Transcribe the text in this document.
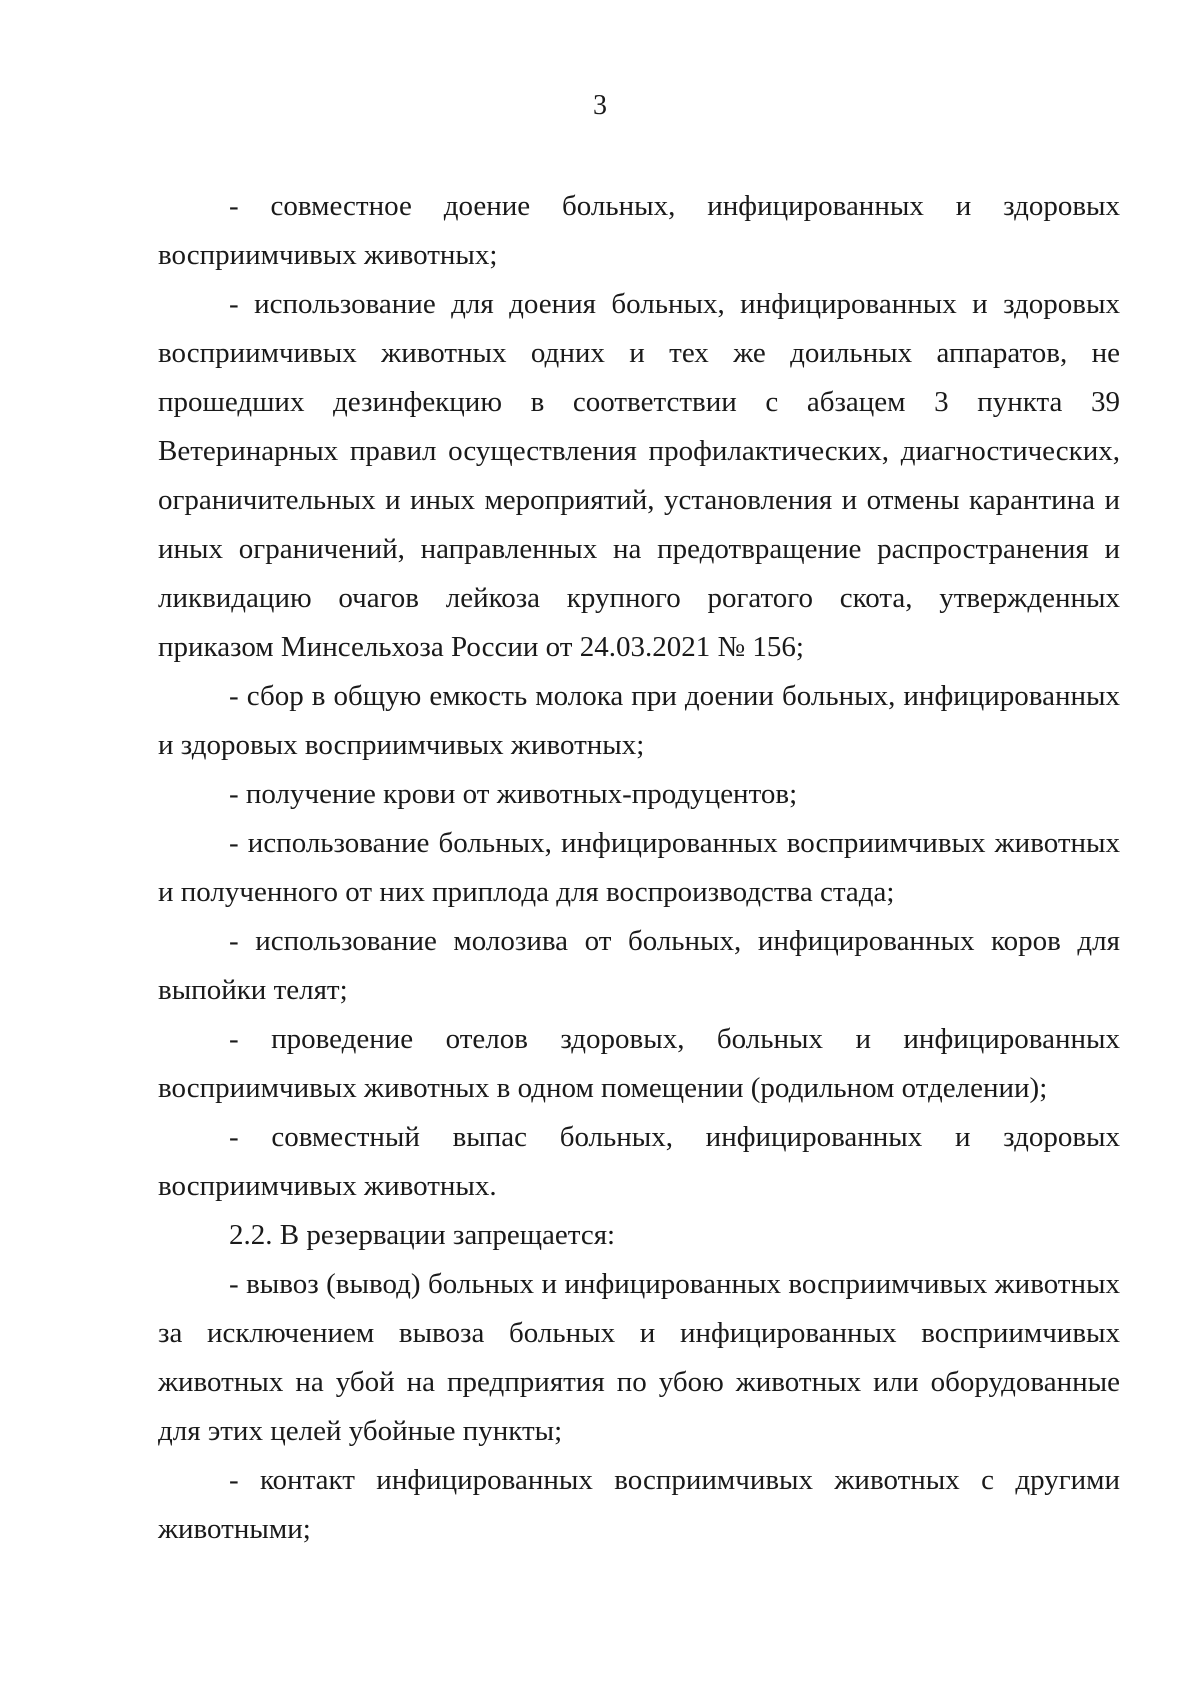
3

- совместное доение больных, инфицированных и здоровых восприимчивых животных;

- использование для доения больных, инфицированных и здоровых восприимчивых животных одних и тех же доильных аппаратов, не прошедших дезинфекцию в соответствии с абзацем 3 пункта 39 Ветеринарных правил осуществления профилактических, диагностических, ограничительных и иных мероприятий, установления и отмены карантина и иных ограничений, направленных на предотвращение распространения и ликвидацию очагов лейкоза крупного рогатого скота, утвержденных приказом Минсельхоза России от 24.03.2021 № 156;

- сбор в общую емкость молока при доении больных, инфицированных и здоровых восприимчивых животных;

- получение крови от животных-продуцентов;

- использование больных, инфицированных восприимчивых животных и полученного от них приплода для воспроизводства стада;

- использование молозива от больных, инфицированных коров для выпойки телят;

- проведение отелов здоровых, больных и инфицированных восприимчивых животных в одном помещении (родильном отделении);

- совместный выпас больных, инфицированных и здоровых восприимчивых животных.

2.2. В резервации запрещается:

- вывоз (вывод) больных и инфицированных восприимчивых животных за исключением вывоза больных и инфицированных восприимчивых животных на убой на предприятия по убою животных или оборудованные для этих целей убойные пункты;

- контакт инфицированных восприимчивых животных с другими животными;
